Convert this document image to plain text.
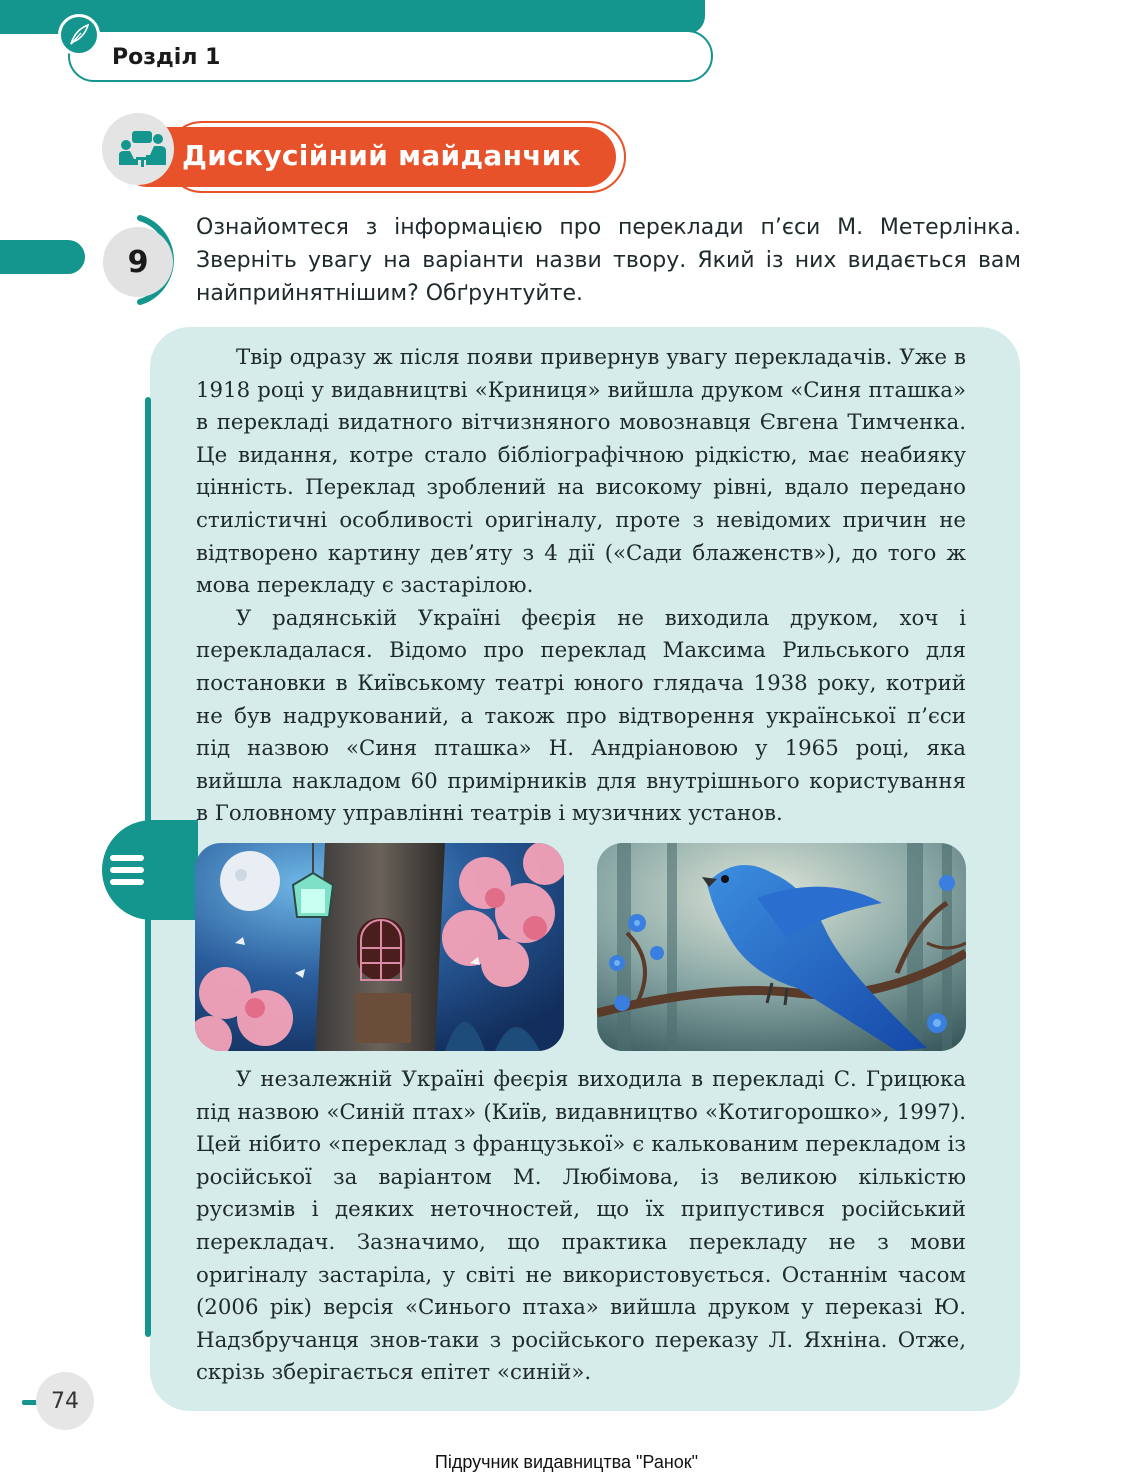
Розділ 1
Дискусійний майданчик
9
Ознайомтеся з інформацією про переклади п’єси М. Метерлінка. Зверніть увагу на варіанти назви твору. Який із них видається вам найприйнятнішим? Обґрунтуйте.

Твір одразу ж після появи привернув увагу перекладачів. Уже в 1918 році у видавництві «Криниця» вийшла друком «Синя пташка» в перекладі видатного вітчизняного мовознавця Євгена Тимченка. Це видання, котре стало бібліографічною рідкістю, має неабияку цінність. Переклад зроблений на високому рівні, вдало передано стилістичні особливості оригіналу, проте з невідомих причин не відтворено картину дев’яту з 4 дії («Сади блаженств»), до того ж мова перекладу є застарілою.

У радянській Україні феєрія не виходила друком, хоч і перекладалася. Відомо про переклад Максима Рильського для постановки в Київському театрі юного глядача 1938 року, котрий не був надрукований, а також про відтворення української п’єси під назвою «Синя пташка» Н. Андріановою у 1965 році, яка вийшла накладом 60 примірників для внутрішнього користування в Головному управлінні театрів і музичних установ.

У незалежній Україні феєрія виходила в перекладі С. Грицюка під назвою «Синій птах» (Київ, видавництво «Котигорошко», 1997). Цей нібито «переклад з французької» є калькованим перекладом із російської за варіантом М. Любімова, із великою кількістю русизмів і деяких неточностей, що їх припустився російський перекладач. Зазначимо, що практика перекладу не з мови оригіналу застаріла, у світі не використовується. Останнім часом (2006 рік) версія «Синього птаха» вийшла друком у переказі Ю. Надзбручанця знов-таки з російського переказу Л. Яхніна. Отже, скрізь зберігається епітет «синій».

74
Підручник видавництва "Ранок"
